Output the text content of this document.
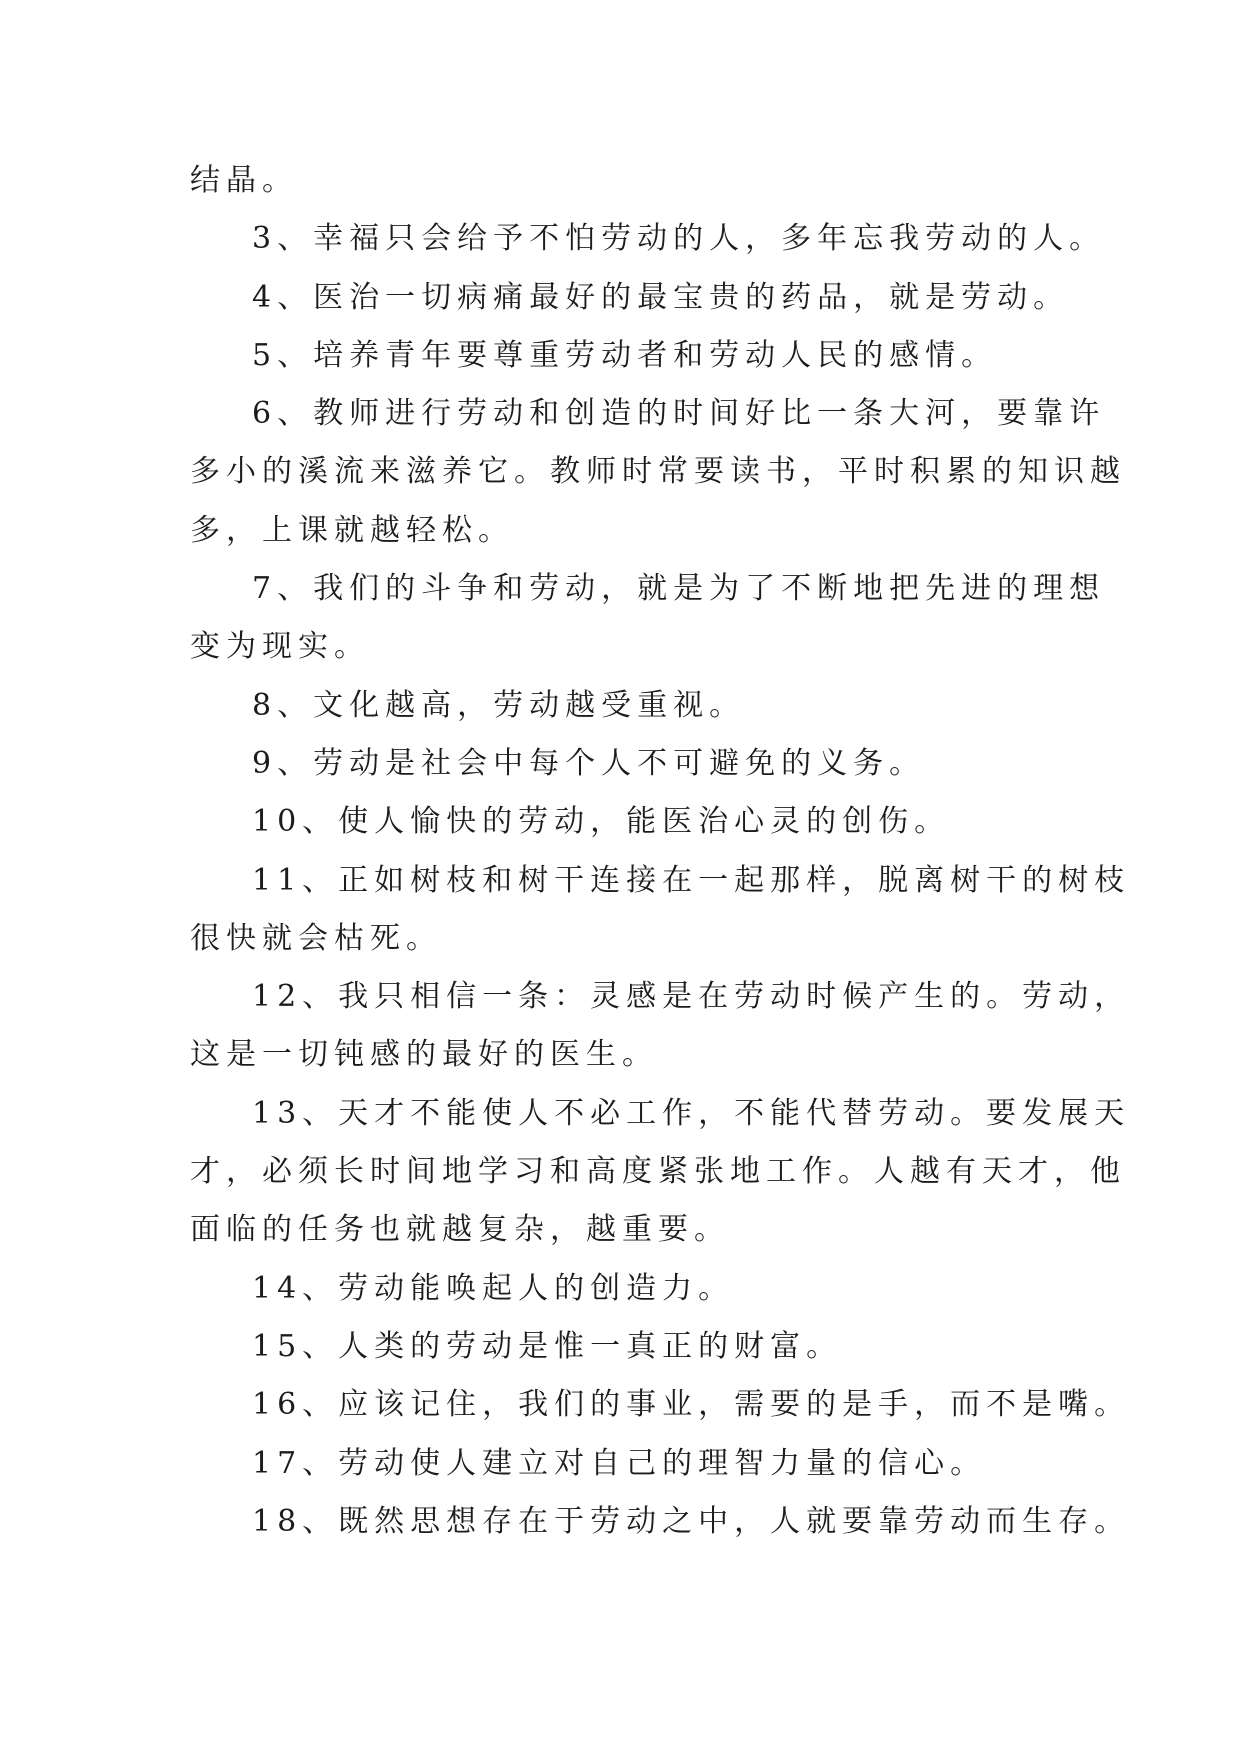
结晶。
3、幸福只会给予不怕劳动的人，多年忘我劳动的人。
4、医治一切病痛最好的最宝贵的药品，就是劳动。
5、培养青年要尊重劳动者和劳动人民的感情。
6、教师进行劳动和创造的时间好比一条大河，要靠许
多小的溪流来滋养它。教师时常要读书，平时积累的知识越
多，上课就越轻松。
7、我们的斗争和劳动，就是为了不断地把先进的理想
变为现实。
8、文化越高，劳动越受重视。
9、劳动是社会中每个人不可避免的义务。
10、使人愉快的劳动，能医治心灵的创伤。
11、正如树枝和树干连接在一起那样，脱离树干的树枝
很快就会枯死。
12、我只相信一条：灵感是在劳动时候产生的。劳动，
这是一切钝感的最好的医生。
13、天才不能使人不必工作，不能代替劳动。要发展天
才，必须长时间地学习和高度紧张地工作。人越有天才，他
面临的任务也就越复杂，越重要。
14、劳动能唤起人的创造力。
15、人类的劳动是惟一真正的财富。
16、应该记住，我们的事业，需要的是手，而不是嘴。
17、劳动使人建立对自己的理智力量的信心。
18、既然思想存在于劳动之中，人就要靠劳动而生存。
